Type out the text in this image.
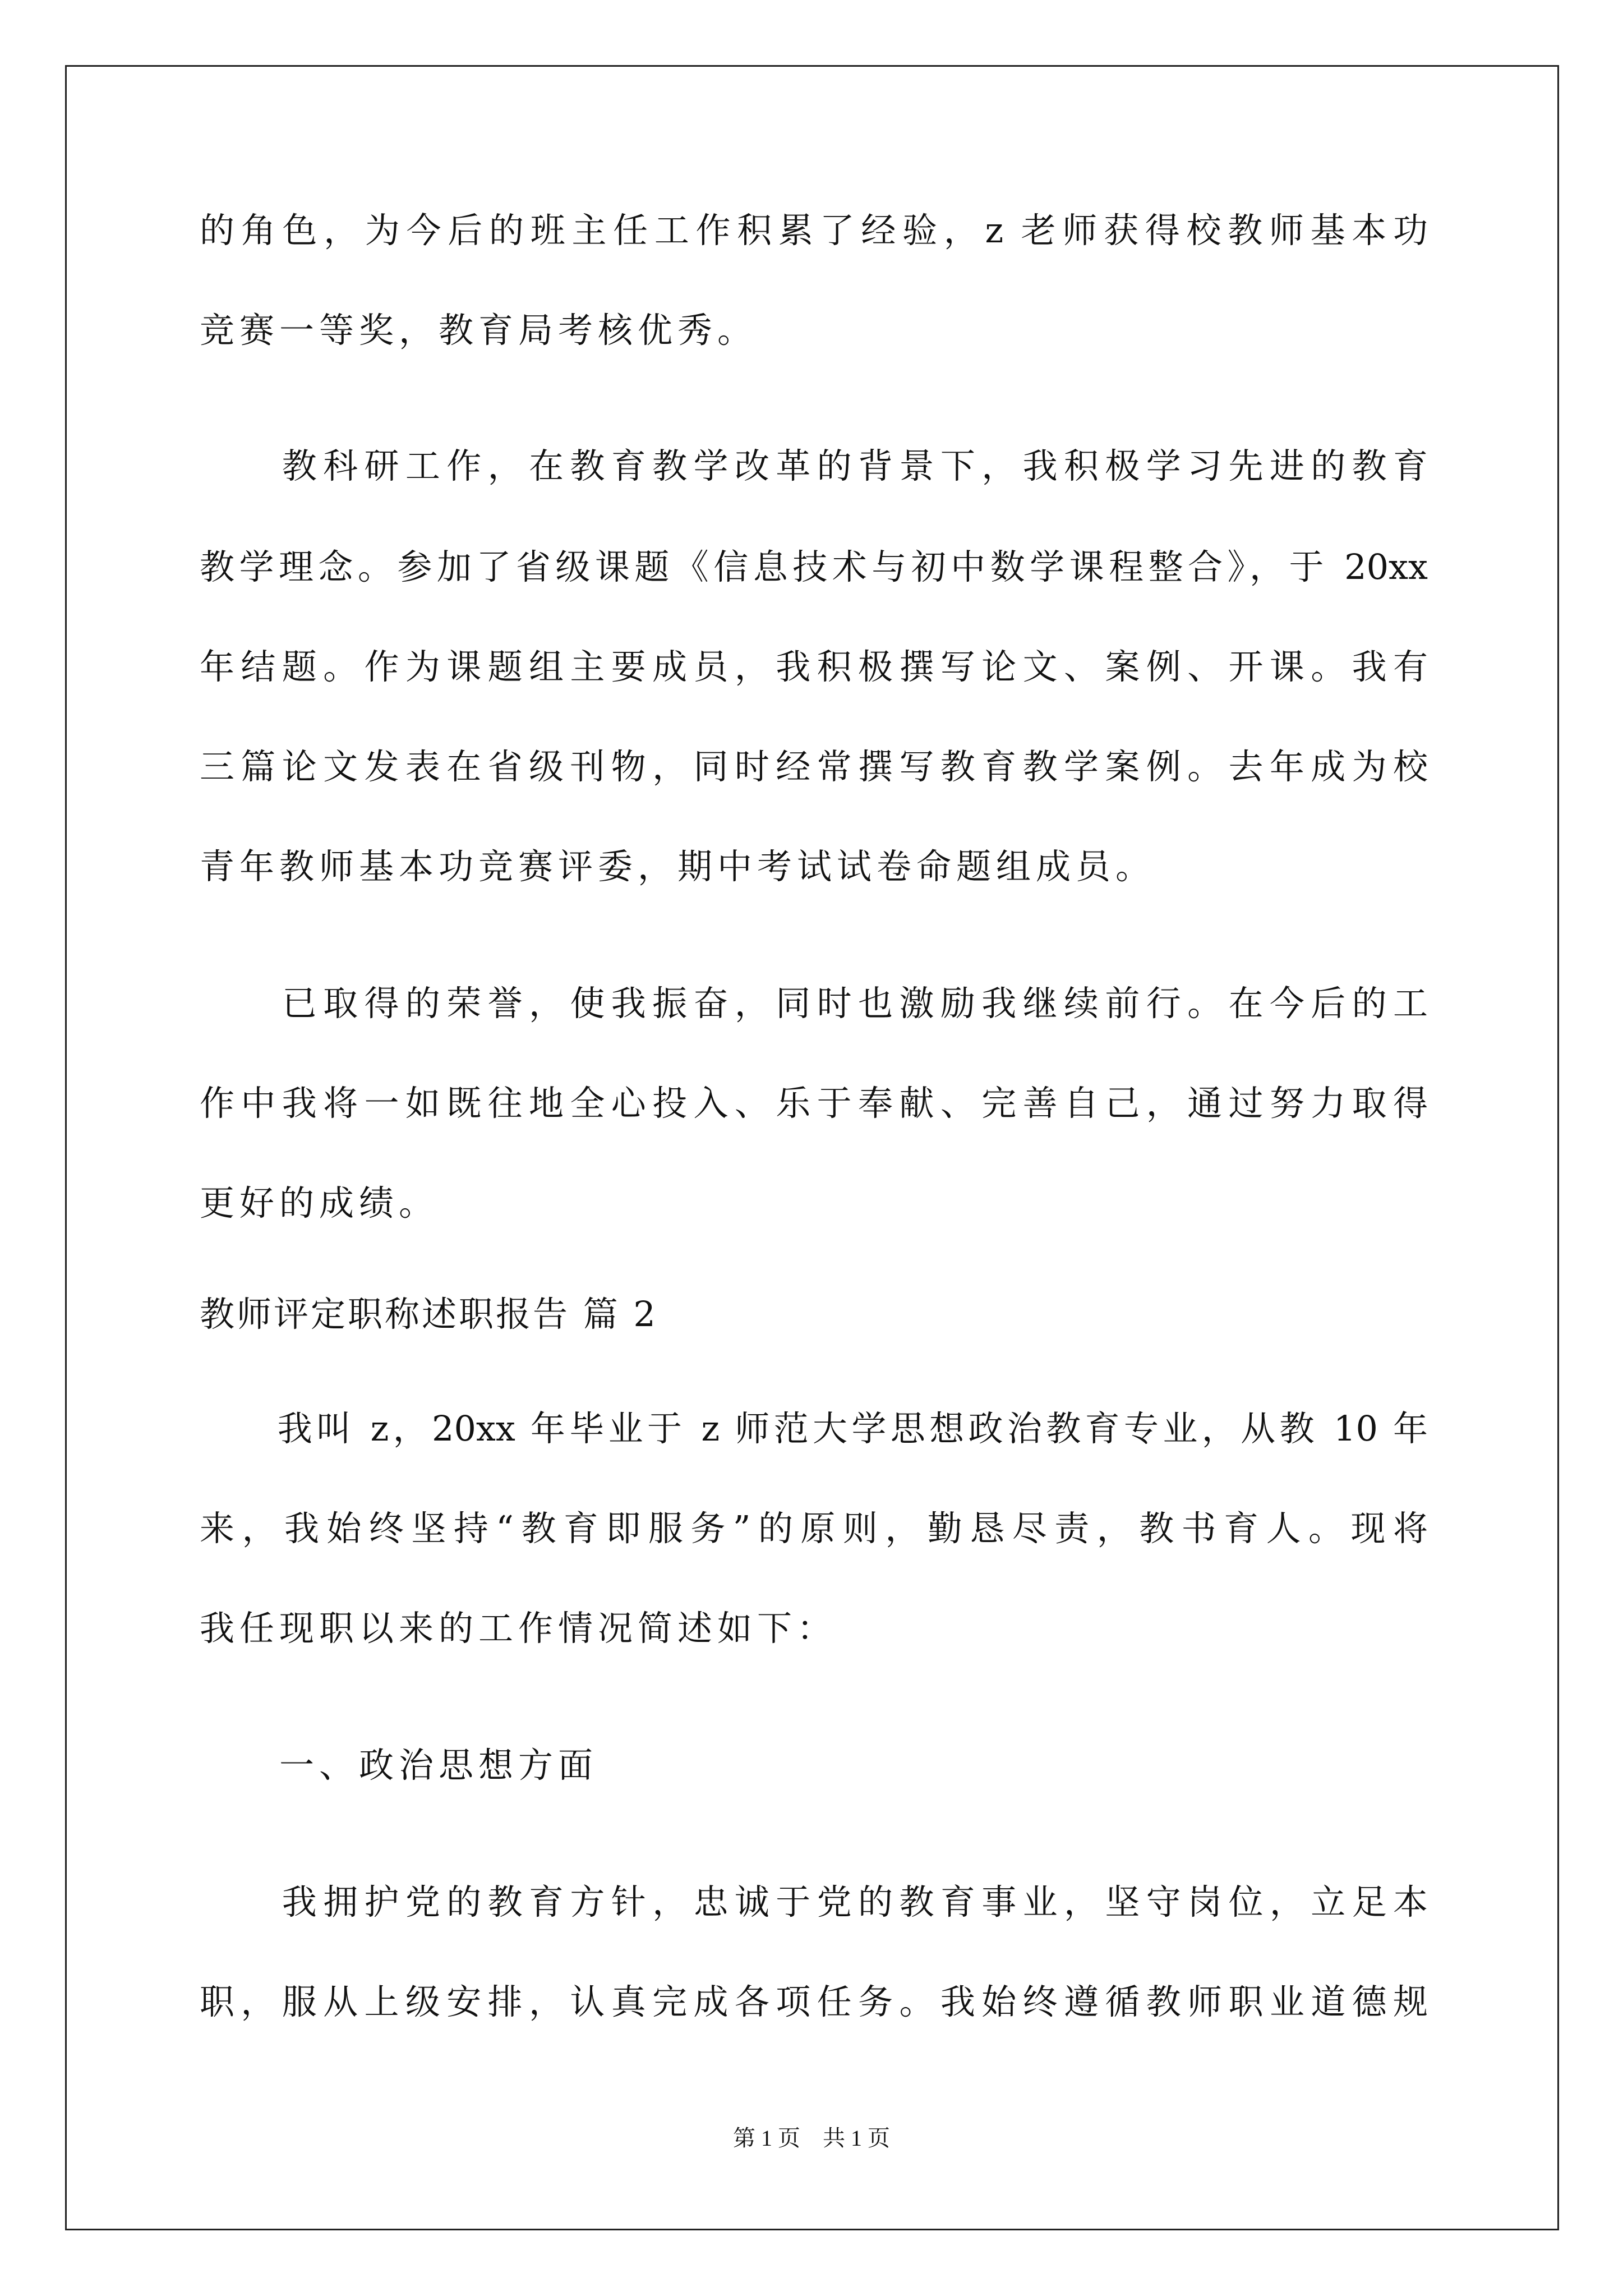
的角色，为今后的班主任工作积累了经验，z 老师获得校教师基本功
竞赛一等奖，教育局考核优秀。
　　教科研工作，在教育教学改革的背景下，我积极学习先进的教育
教学理念。参加了省级课题《信息技术与初中数学课程整合》，于 20xx
年结题。作为课题组主要成员，我积极撰写论文、案例、开课。我有
三篇论文发表在省级刊物，同时经常撰写教育教学案例。去年成为校
青年教师基本功竞赛评委，期中考试试卷命题组成员。
　　已取得的荣誉，使我振奋，同时也激励我继续前行。在今后的工
作中我将一如既往地全心投入、乐于奉献、完善自己，通过努力取得
更好的成绩。
教师评定职称述职报告 篇 2
　　我叫 z，20xx 年毕业于 z 师范大学思想政治教育专业，从教 10 年
来，我始终坚持“教育即服务”的原则，勤恳尽责，教书育人。现将
我任现职以来的工作情况简述如下：
　　一、政治思想方面
　　我拥护党的教育方针，忠诚于党的教育事业，坚守岗位，立足本
职，服从上级安排，认真完成各项任务。我始终遵循教师职业道德规
第 1 页　共 1 页
